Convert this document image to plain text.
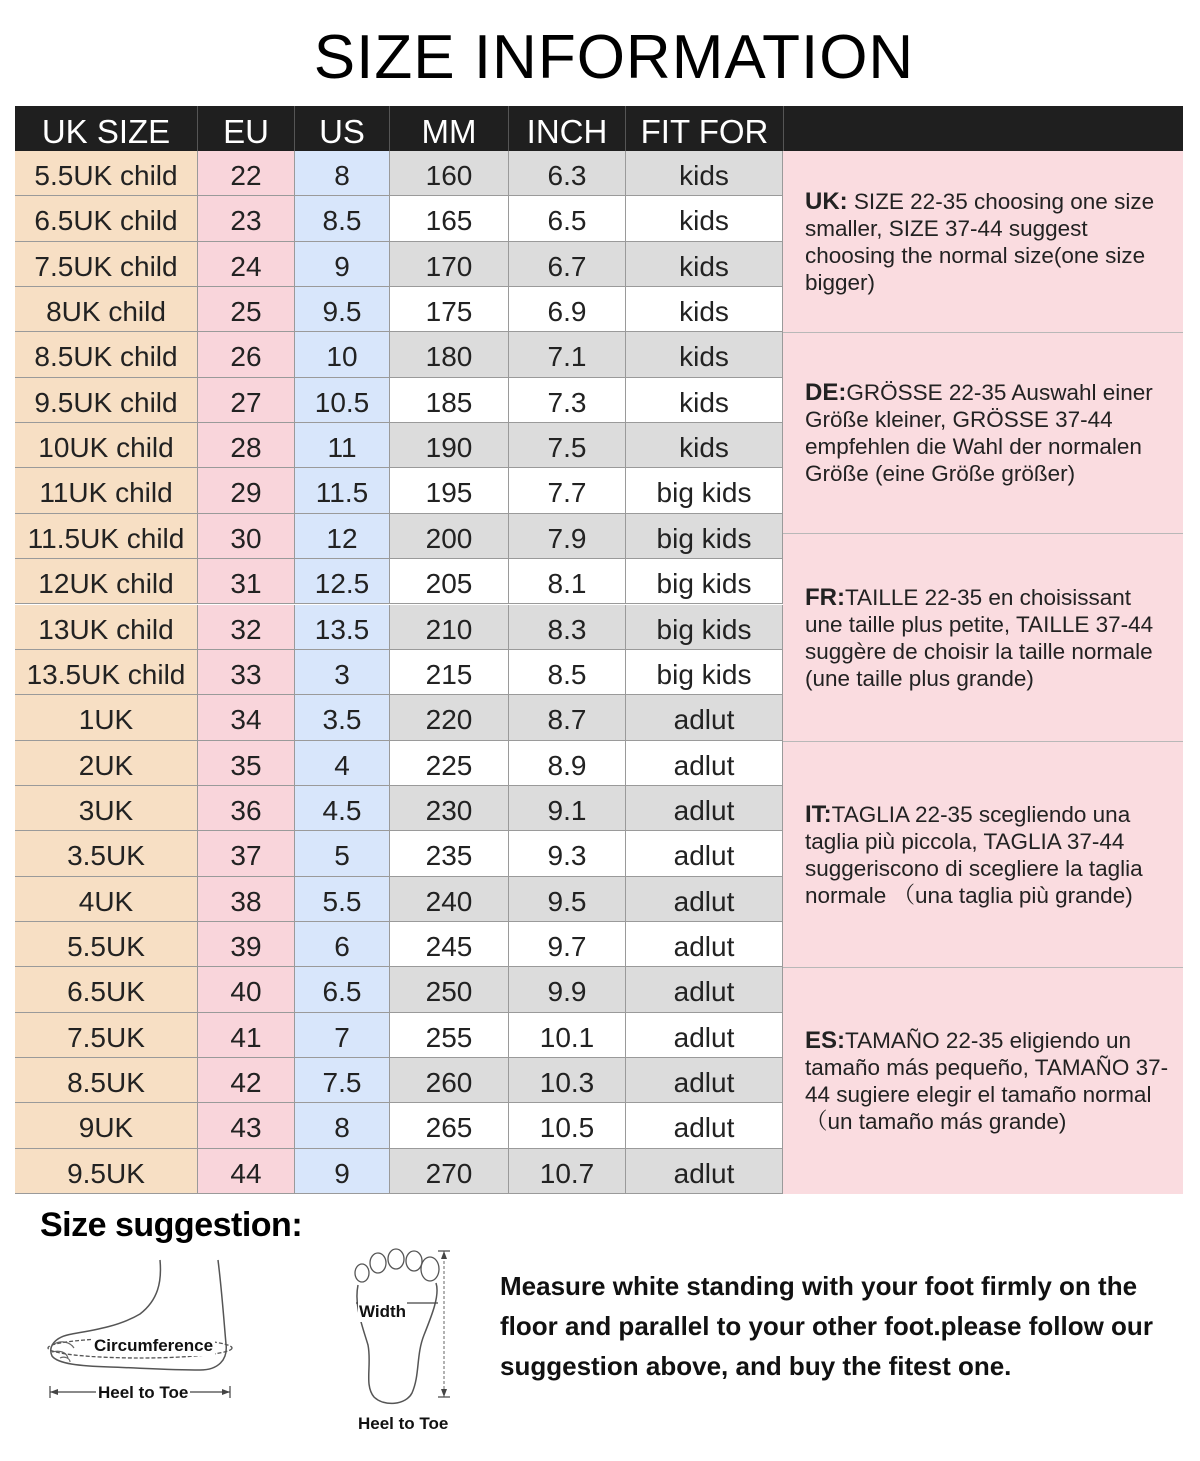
SIZE INFORMATION
UK SIZE	EU	US	MM	INCH	FIT FOR
5.5UK child	22	8	160	6.3	kids
6.5UK child	23	8.5	165	6.5	kids
7.5UK child	24	9	170	6.7	kids
8UK child	25	9.5	175	6.9	kids
8.5UK child	26	10	180	7.1	kids
9.5UK child	27	10.5	185	7.3	kids
10UK child	28	11	190	7.5	kids
11UK child	29	11.5	195	7.7	big kids
11.5UK child	30	12	200	7.9	big kids
12UK child	31	12.5	205	8.1	big kids
13UK child	32	13.5	210	8.3	big kids
13.5UK child	33	3	215	8.5	big kids
1UK	34	3.5	220	8.7	adlut
2UK	35	4	225	8.9	adlut
3UK	36	4.5	230	9.1	adlut
3.5UK	37	5	235	9.3	adlut
4UK	38	5.5	240	9.5	adlut
5.5UK	39	6	245	9.7	adlut
6.5UK	40	6.5	250	9.9	adlut
7.5UK	41	7	255	10.1	adlut
8.5UK	42	7.5	260	10.3	adlut
9UK	43	8	265	10.5	adlut
9.5UK	44	9	270	10.7	adlut
UK: SIZE 22-35 choosing one size smaller, SIZE 37-44 suggest choosing the normal size(one size bigger)
DE:GRÖSSE 22-35 Auswahl einer Größe kleiner, GRÖSSE 37-44 empfehlen die Wahl der normalen Größe (eine Größe größer)
FR:TAILLE 22-35 en choisissant une taille plus petite, TAILLE 37-44 suggère de choisir la taille normale (une taille plus grande)
IT:TAGLIA 22-35 scegliendo una taglia più piccola, TAGLIA 37-44 suggeriscono di scegliere la taglia normale （una taglia più grande)
ES:TAMAÑO 22-35 eligiendo un tamaño más pequeño, TAMAÑO 37-44 sugiere elegir el tamaño normal （un tamaño más grande)
Size suggestion:
Circumference
Heel to Toe
Width
Heel to Toe
Measure white standing with your foot firmly on the floor and parallel to your other foot.please follow our suggestion above, and buy the fitest one.
